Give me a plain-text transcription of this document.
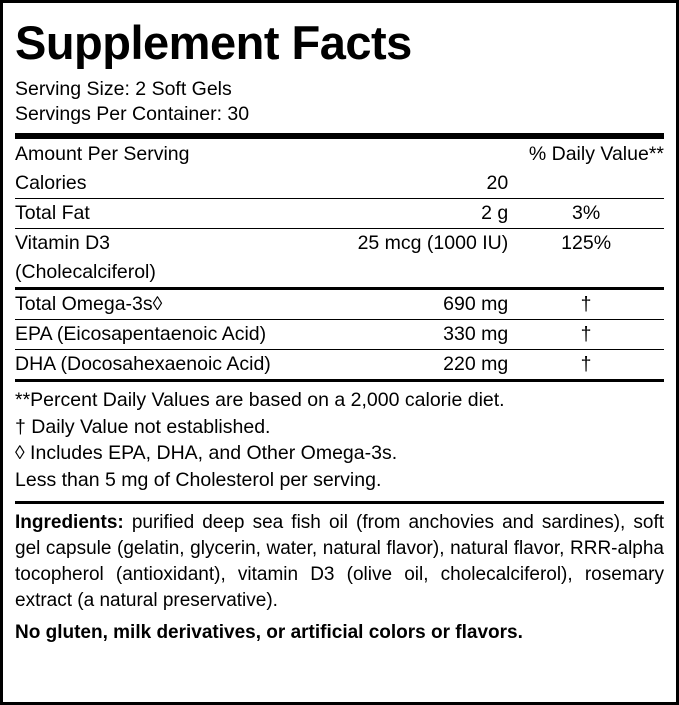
Supplement Facts
Serving Size: 2 Soft Gels
Servings Per Container: 30
Amount Per Serving		% Daily Value**
Calories	20	
Total Fat	2 g	3%
Vitamin D3	25 mcg (1000 IU)	125%
(Cholecalciferol)		
Total Omega-3s◊	690 mg	†
EPA (Eicosapentaenoic Acid)	330 mg	†
DHA (Docosahexaenoic Acid)	220 mg	†
**Percent Daily Values are based on a 2,000 calorie diet.
† Daily Value not established.
◊ Includes EPA, DHA, and Other Omega-3s.
Less than 5 mg of Cholesterol per serving.
Ingredients: purified deep sea fish oil (from anchovies and sardines), soft gel capsule (gelatin, glycerin, water, natural flavor), natural flavor, RRR-alpha tocopherol (antioxidant), vitamin D3 (olive oil, cholecalciferol), rosemary extract (a natural preservative).
No gluten, milk derivatives, or artificial colors or flavors.
